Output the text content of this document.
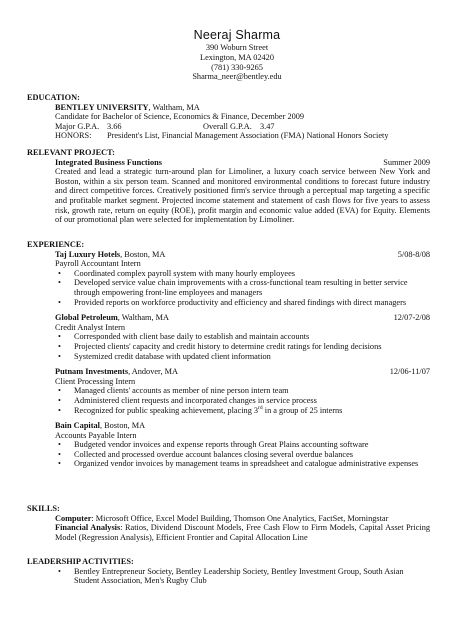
Neeraj Sharma
390 Woburn Street
Lexington, MA 02420
(781) 330-9265
Sharma_neer@bentley.edu
EDUCATION:
BENTLEY UNIVERSITY, Waltham, MA
Candidate for Bachelor of Science, Economics & Finance, December 2009
Major G.P.A. 3.66	Overall G.P.A. 3.47
HONORS: President's List, Financial Management Association (FMA) National Honors Society
RELEVANT PROJECT:
Integrated Business Functions	Summer 2009
Created and lead a strategic turn-around plan for Limoliner, a luxury coach service between New York and Boston, within a six person team. Scanned and monitored environmental conditions to forecast future industry and direct competitive forces. Creatively positioned firm's service through a perceptual map targeting a specific and profitable market segment. Projected income statement and statement of cash flows for five years to assess risk, growth rate, return on equity (ROE), profit margin and economic value added (EVA) for Equity. Elements of our promotional plan were selected for implementation by Limoliner.
EXPERIENCE:
Taj Luxury Hotels, Boston, MA	5/08-8/08
Payroll Accountant Intern
• Coordinated complex payroll system with many hourly employees
• Developed service value chain improvements with a cross-functional team resulting in better service through empowering front-line employees and managers
• Provided reports on workforce productivity and efficiency and shared findings with direct managers
Global Petroleum, Waltham, MA	12/07-2/08
Credit Analyst Intern
• Corresponded with client base daily to establish and maintain accounts
• Projected clients' capacity and credit history to determine credit ratings for lending decisions
• Systemized credit database with updated client information
Putnam Investments, Andover, MA	12/06-11/07
Client Processing Intern
• Managed clients' accounts as member of nine person intern team
• Administered client requests and incorporated changes in service process
• Recognized for public speaking achievement, placing 3rd in a group of 25 interns
Bain Capital, Boston, MA
Accounts Payable Intern
• Budgeted vendor invoices and expense reports through Great Plains accounting software
• Collected and processed overdue account balances closing several overdue balances
• Organized vendor invoices by management teams in spreadsheet and catalogue administrative expenses
SKILLS:
Computer: Microsoft Office, Excel Model Building, Thomson One Analytics, FactSet, Morningstar
Financial Analysis: Ratios, Dividend Discount Models, Free Cash Flow to Firm Models, Capital Asset Pricing Model (Regression Analysis), Efficient Frontier and Capital Allocation Line
LEADERSHIP ACTIVITIES:
• Bentley Entrepreneur Society, Bentley Leadership Society, Bentley Investment Group, South Asian Student Association, Men's Rugby Club
